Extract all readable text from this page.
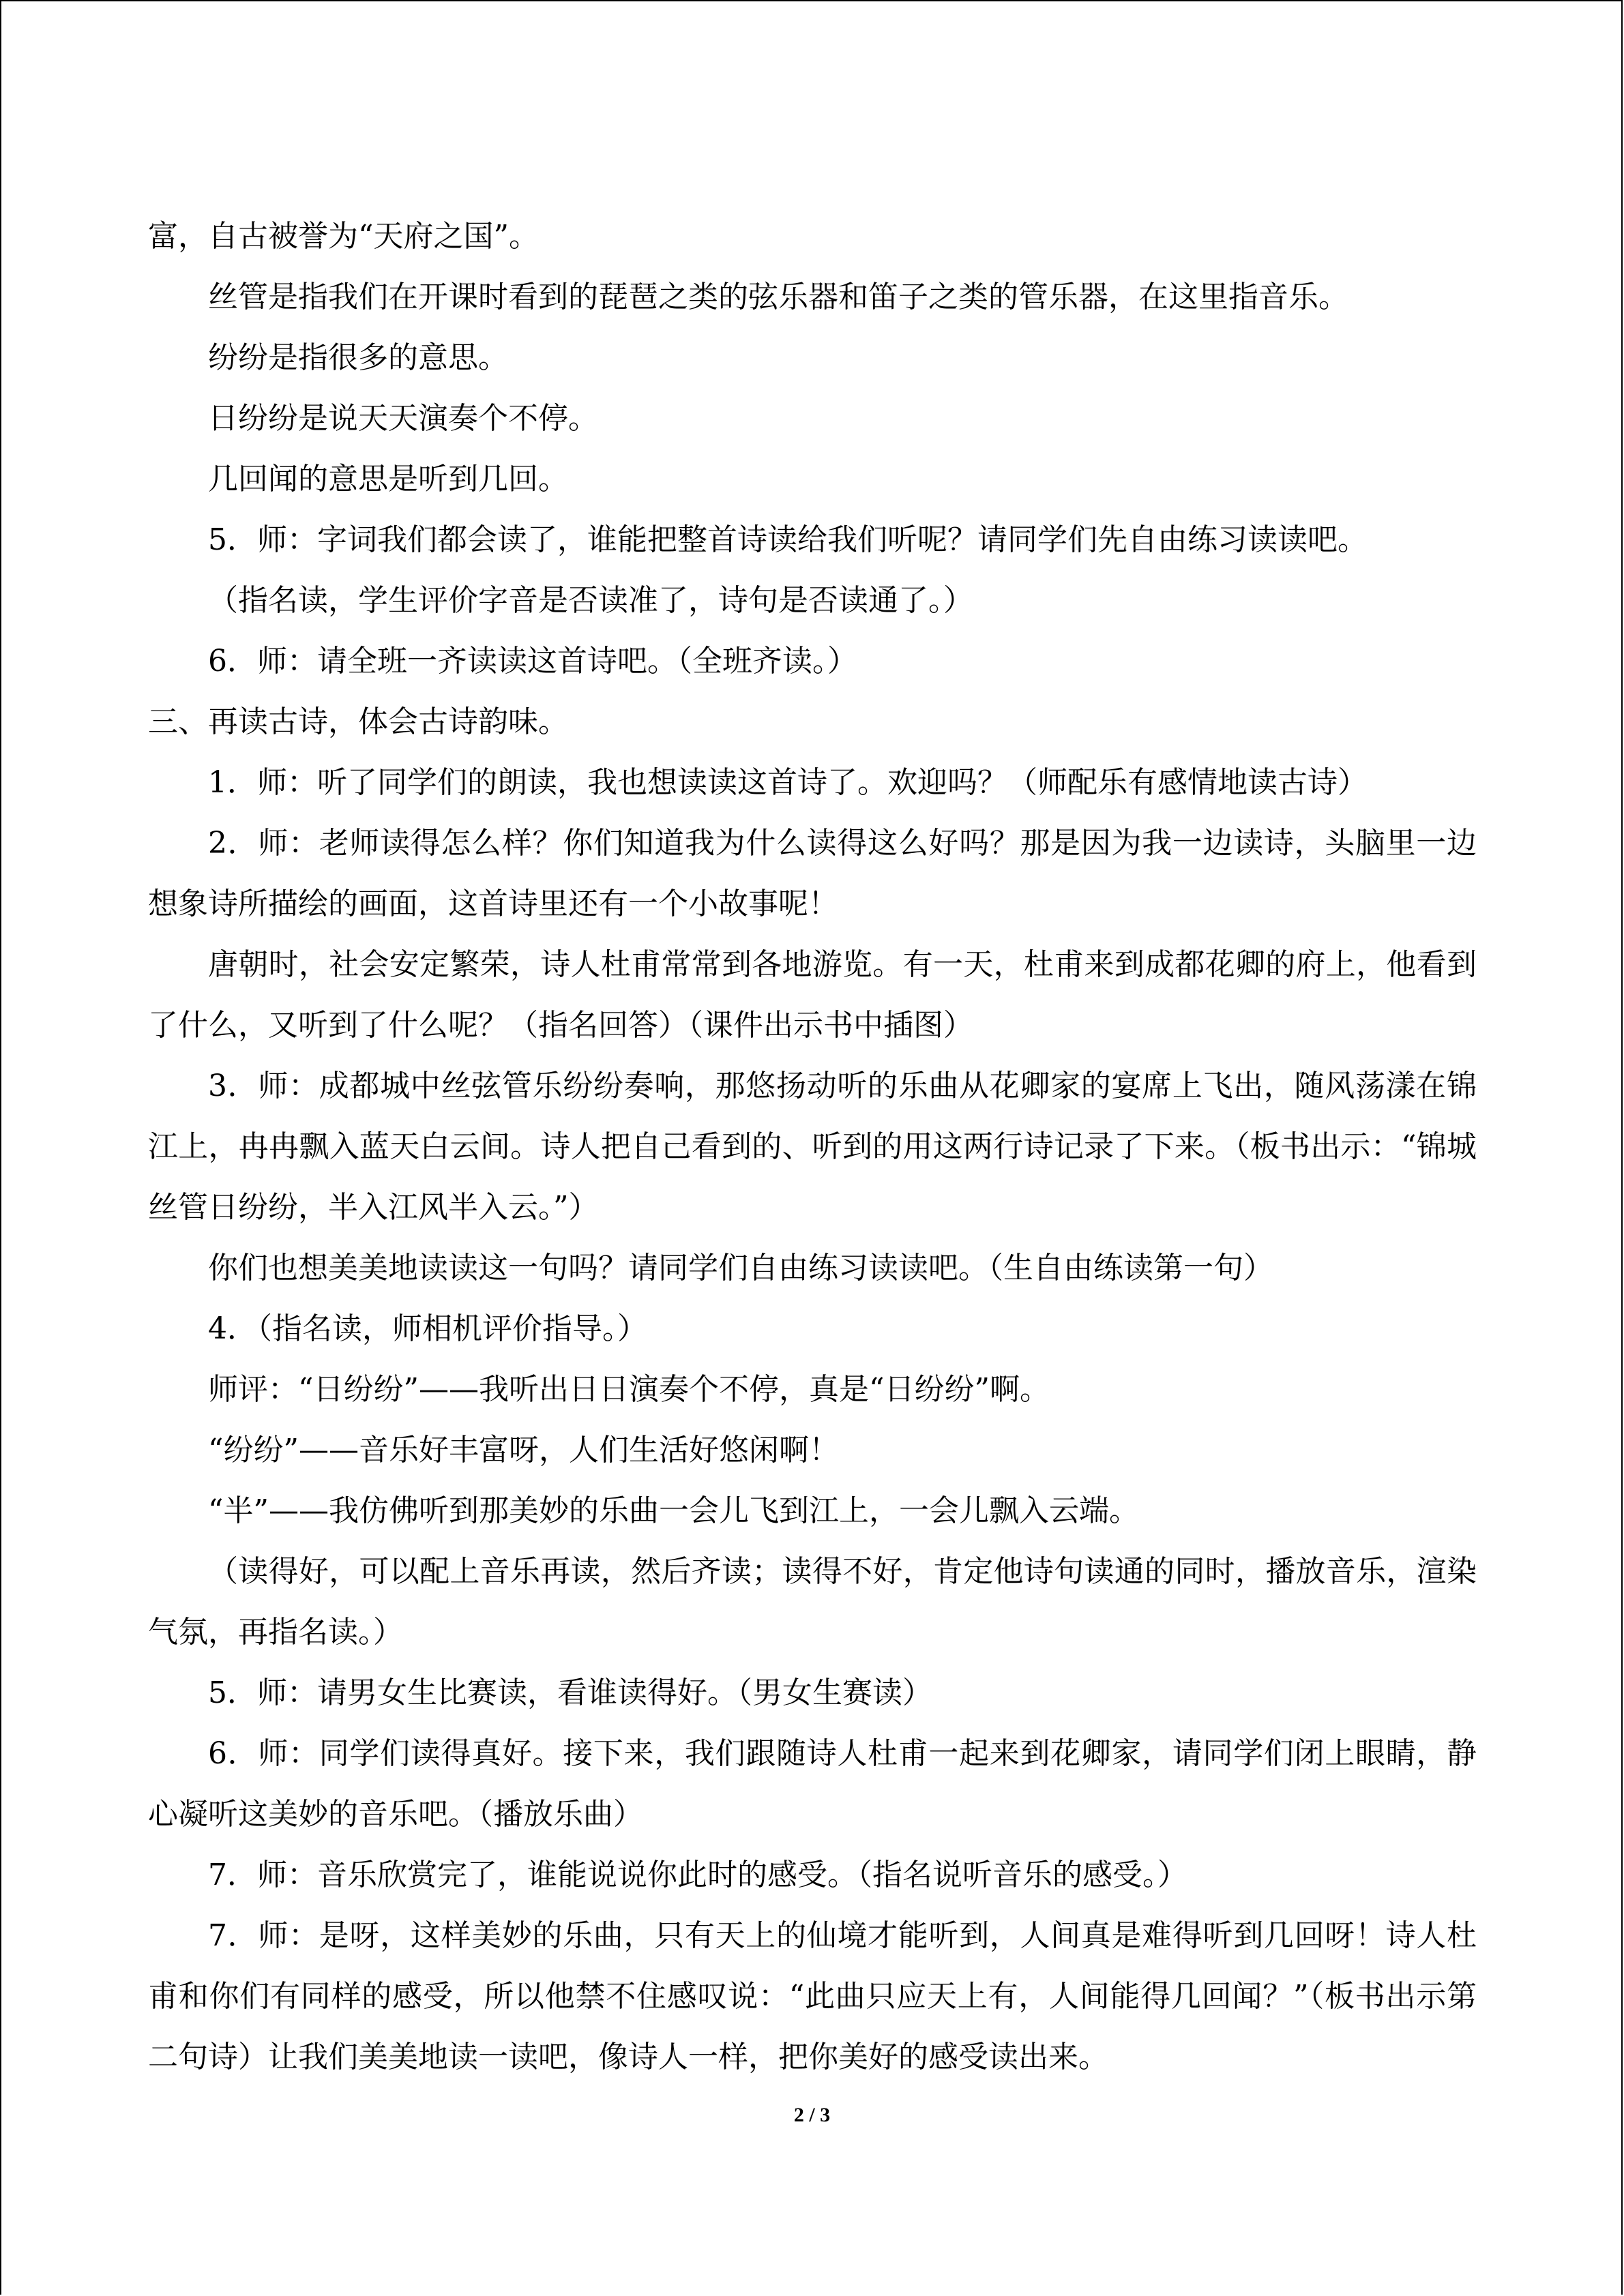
富，自古被誉为“天府之国”。

丝管是指我们在开课时看到的琵琶之类的弦乐器和笛子之类的管乐器，在这里指音乐。

纷纷是指很多的意思。

日纷纷是说天天演奏个不停。

几回闻的意思是听到几回。

5．师：字词我们都会读了，谁能把整首诗读给我们听呢？请同学们先自由练习读读吧。

（指名读，学生评价字音是否读准了，诗句是否读通了。）

6．师：请全班一齐读读这首诗吧。（全班齐读。）

三、再读古诗，体会古诗韵味。

1．师：听了同学们的朗读，我也想读读这首诗了。欢迎吗？（师配乐有感情地读古诗）

2．师：老师读得怎么样？你们知道我为什么读得这么好吗？那是因为我一边读诗，头脑里一边想象诗所描绘的画面，这首诗里还有一个小故事呢！

唐朝时，社会安定繁荣，诗人杜甫常常到各地游览。有一天，杜甫来到成都花卿的府上，他看到了什么，又听到了什么呢？（指名回答）（课件出示书中插图）

3．师：成都城中丝弦管乐纷纷奏响，那悠扬动听的乐曲从花卿家的宴席上飞出，随风荡漾在锦江上，冉冉飘入蓝天白云间。诗人把自己看到的、听到的用这两行诗记录了下来。（板书出示：“锦城丝管日纷纷，半入江风半入云。”）

你们也想美美地读读这一句吗？请同学们自由练习读读吧。（生自由练读第一句）

4．（指名读，师相机评价指导。）

师评：“日纷纷”——我听出日日演奏个不停，真是“日纷纷”啊。

“纷纷”——音乐好丰富呀，人们生活好悠闲啊！

“半”——我仿佛听到那美妙的乐曲一会儿飞到江上，一会儿飘入云端。

（读得好，可以配上音乐再读，然后齐读；读得不好，肯定他诗句读通的同时，播放音乐，渲染气氛，再指名读。）

5．师：请男女生比赛读，看谁读得好。（男女生赛读）

6．师：同学们读得真好。接下来，我们跟随诗人杜甫一起来到花卿家，请同学们闭上眼睛，静心凝听这美妙的音乐吧。（播放乐曲）

7．师：音乐欣赏完了，谁能说说你此时的感受。（指名说听音乐的感受。）

7．师：是呀，这样美妙的乐曲，只有天上的仙境才能听到，人间真是难得听到几回呀！诗人杜甫和你们有同样的感受，所以他禁不住感叹说：“此曲只应天上有，人间能得几回闻？”（板书出示第二句诗）让我们美美地读一读吧，像诗人一样，把你美好的感受读出来。

2 / 3
